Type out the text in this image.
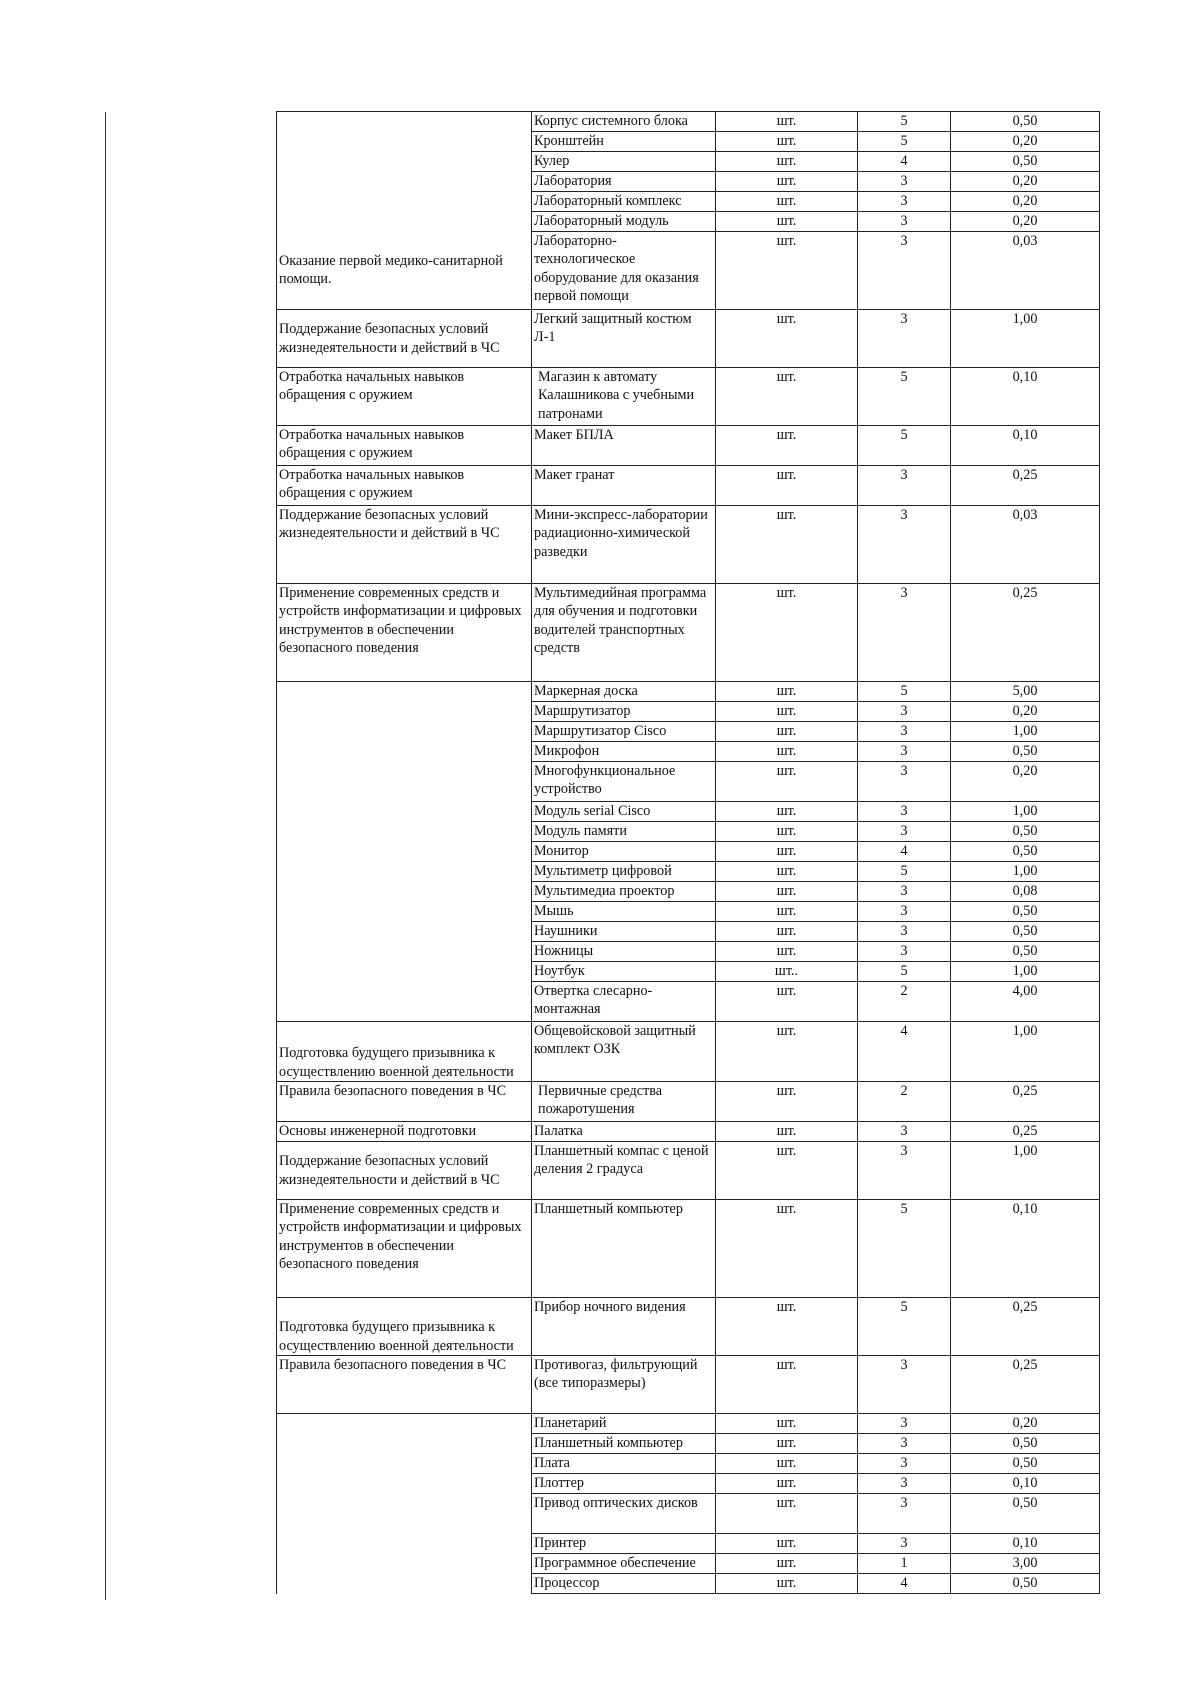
	Корпус системного блока	шт.	5	0,50
	Кронштейн	шт.	5	0,20
	Кулер	шт.	4	0,50
	Лаборатория	шт.	3	0,20
	Лабораторный комплекс	шт.	3	0,20
	Лабораторный модуль	шт.	3	0,20
Оказание первой медико-санитарной помощи.	Лабораторно-технологическое оборудование для оказания первой помощи	шт.	3	0,03
Поддержание безопасных условий жизнедеятельности и действий в ЧС	Легкий защитный костюм Л-1	шт.	3	1,00
Отработка начальных навыков обращения с оружием	Магазин к автомату Калашникова с учебными патронами	шт.	5	0,10
Отработка начальных навыков обращения с оружием	Макет БПЛА	шт.	5	0,10
Отработка начальных навыков обращения с оружием	Макет гранат	шт.	3	0,25
Поддержание безопасных условий жизнедеятельности и действий в ЧС	Мини-экспресс-лаборатории радиационно-химической разведки	шт.	3	0,03
Применение современных средств и устройств информатизации и цифровых инструментов в обеспечении безопасного поведения	Мультимедийная программа для обучения и подготовки водителей транспортных средств	шт.	3	0,25
	Маркерная доска	шт.	5	5,00
	Маршрутизатор	шт.	3	0,20
	Маршрутизатор Cisco	шт.	3	1,00
	Микрофон	шт.	3	0,50
	Многофункциональное устройство	шт.	3	0,20
	Модуль serial Cisco	шт.	3	1,00
	Модуль памяти	шт.	3	0,50
	Монитор	шт.	4	0,50
	Мультиметр цифровой	шт.	5	1,00
	Мультимедиа проектор	шт.	3	0,08
	Мышь	шт.	3	0,50
	Наушники	шт.	3	0,50
	Ножницы	шт.	3	0,50
	Ноутбук	шт..	5	1,00
	Отвертка слесарно-монтажная	шт.	2	4,00
Подготовка будущего призывника к осуществлению военной деятельности	Общевойсковой защитный комплект ОЗК	шт.	4	1,00
Правила безопасного поведения в ЧС	Первичные средства пожаротушения	шт.	2	0,25
Основы инженерной подготовки	Палатка	шт.	3	0,25
Поддержание безопасных условий жизнедеятельности и действий в ЧС	Планшетный компас с ценой деления 2 градуса	шт.	3	1,00
Применение современных средств и устройств информатизации и цифровых инструментов в обеспечении безопасного поведения	Планшетный компьютер	шт.	5	0,10
Подготовка будущего призывника к осуществлению военной деятельности	Прибор ночного видения	шт.	5	0,25
Правила безопасного поведения в ЧС	Противогаз, фильтрующий (все типоразмеры)	шт.	3	0,25
	Планетарий	шт.	3	0,20
	Планшетный компьютер	шт.	3	0,50
	Плата	шт.	3	0,50
	Плоттер	шт.	3	0,10
	Привод оптических дисков	шт.	3	0,50
	Принтер	шт.	3	0,10
	Программное обеспечение	шт.	1	3,00
	Процессор	шт.	4	0,50
